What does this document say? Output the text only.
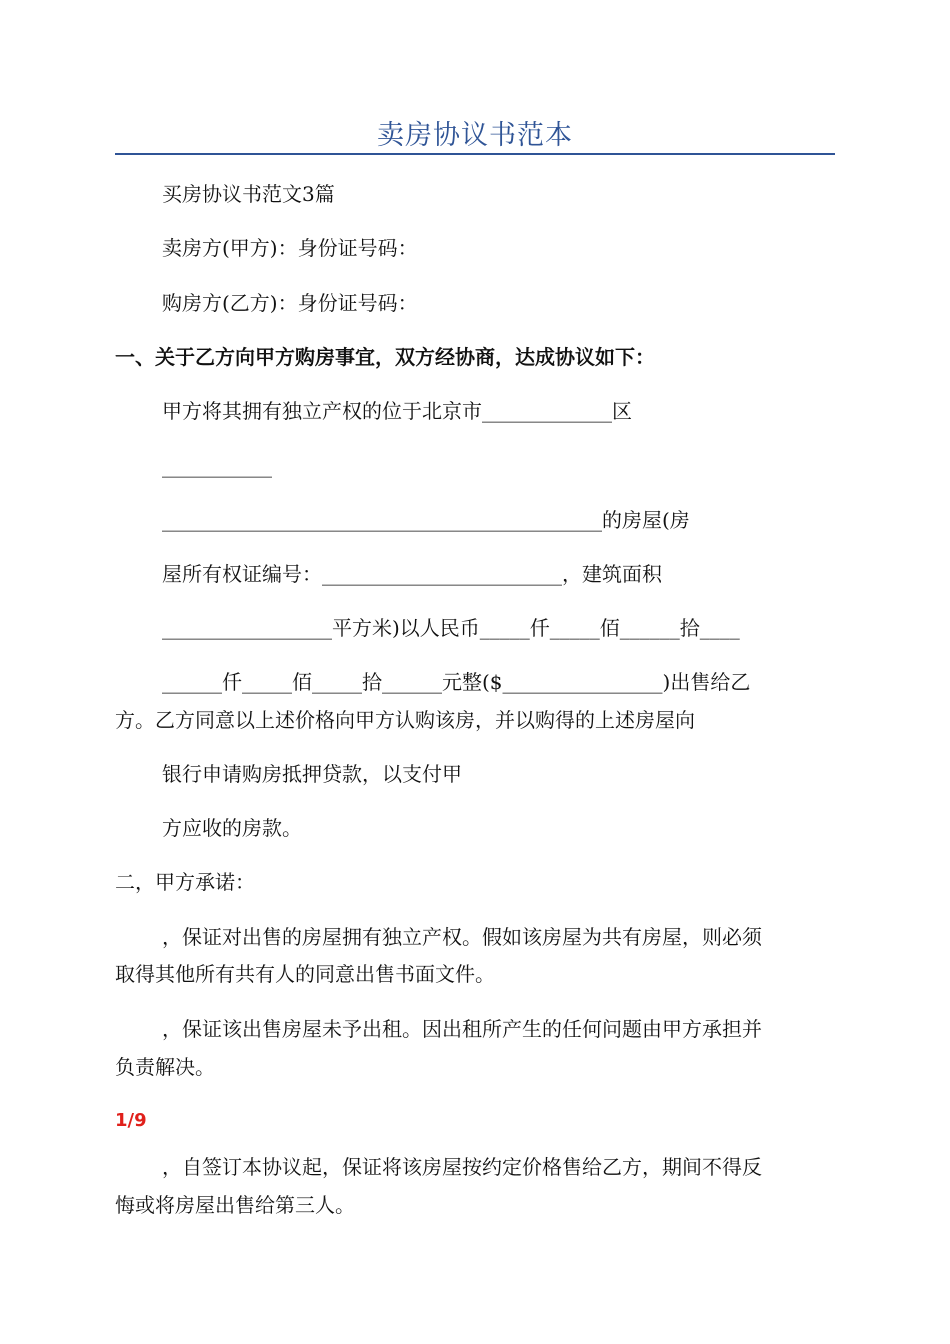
卖房协议书范本
买房协议书范文3篇
卖房方(甲方)：身份证号码：
购房方(乙方)：身份证号码：
一、关于乙方向甲方购房事宜，双方经协商，达成协议如下：
甲方将其拥有独立产权的位于北京市_____________区
___________
____________________________________________的房屋(房
屋所有权证编号：________________________，建筑面积
_________________平方米)以人民币_____仟_____佰______拾____
______仟_____佰_____拾______元整($________________)出售给乙
方。乙方同意以上述价格向甲方认购该房，并以购得的上述房屋向
银行申请购房抵押贷款，以支付甲
方应收的房款。
二，甲方承诺：
，保证对出售的房屋拥有独立产权。假如该房屋为共有房屋，则必须
取得其他所有共有人的同意出售书面文件。
，保证该出售房屋未予出租。因出租所产生的任何问题由甲方承担并
负责解决。
1/9
，自签订本协议起，保证将该房屋按约定价格售给乙方，期间不得反
悔或将房屋出售给第三人。
